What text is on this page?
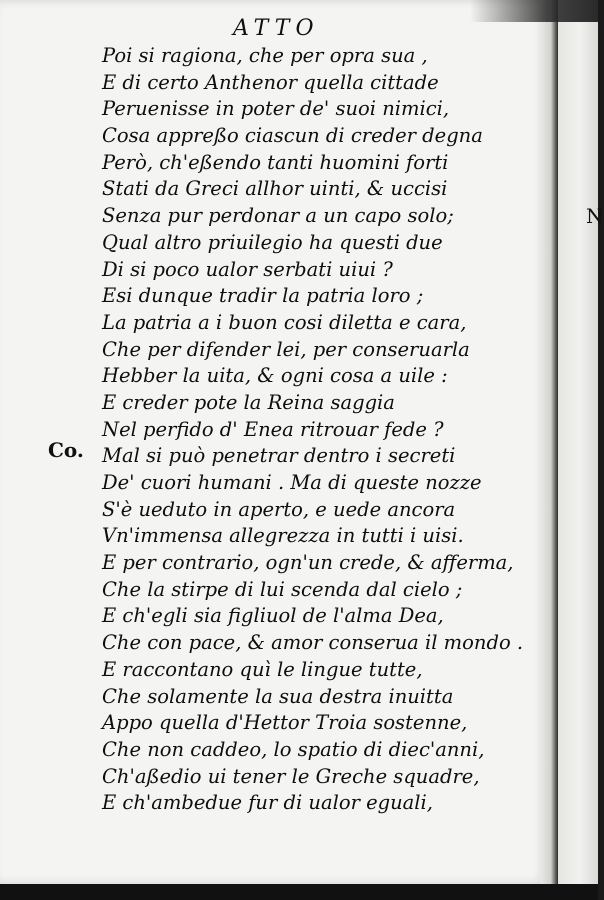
N
ATTO
Co.
Poi si ragiona, che per opra sua ,
E di certo Anthenor quella cittade
Peruenisse in poter de' suoi nimici,
Cosa appreßo ciascun di creder degna
Però, ch'eßendo tanti huomini forti
Stati da Greci allhor uinti, & uccisi
Senza pur perdonar a un capo solo;
Qual altro priuilegio ha questi due
Di si poco ualor serbati uiui ?
Esi dunque tradir la patria loro ;
La patria a i buon cosi diletta e cara,
Che per difender lei, per conseruarla
Hebber la uita, & ogni cosa a uile :
E creder pote la Reina saggia
Nel perfido d' Enea ritrouar fede ?
Mal si può penetrar dentro i secreti
De' cuori humani . Ma di queste nozze
S'è ueduto in aperto, e uede ancora
Vn'immensa allegrezza in tutti i uisi.
E per contrario, ogn'un crede, & afferma,
Che la stirpe di lui scenda dal cielo ;
E ch'egli sia figliuol de l'alma Dea,
Che con pace, & amor conserua il mondo .
E raccontano quì le lingue tutte,
Che solamente la sua destra inuitta
Appo quella d'Hettor Troia sostenne,
Che non caddeo, lo spatio di diec'anni,
Ch'aßedio ui tener le Greche squadre,
E ch'ambedue fur di ualor eguali,
